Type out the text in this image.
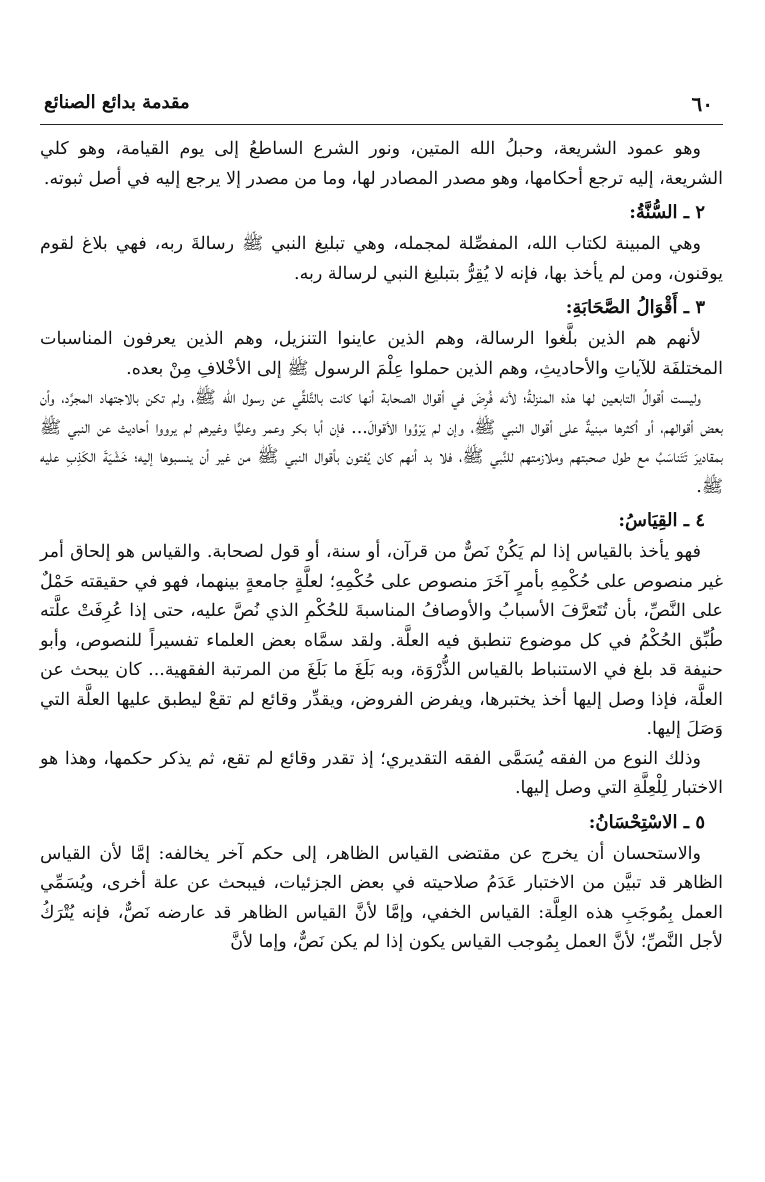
٦٠
مقدمة بدائع الصنائع

وهو عمود الشريعة، وحبلُ الله المتين، ونور الشرع الساطعُ إلى يوم القيامة، وهو كلي الشريعة، إليه ترجع أحكامها، وهو مصدر المصادر لها، وما من مصدر إلا يرجع إليه في أصل ثبوته.

٢ ـ السُّنَّةُ:

وهي المبينة لكتاب الله، المفصِّلة لمجمله، وهي تبليغ النبي ﷺ رسالةَ ربه، فهي بلاغ لقوم يوقنون، ومن لم يأخذ بها، فإنه لا يُقِرُّ بتبليغ النبي لرسالة ربه.

٣ ـ أَقْوَالُ الصَّحَابَةِ:

لأنهم هم الذين بلَّغوا الرسالة، وهم الذين عاينوا التنزيل، وهم الذين يعرفون المناسبات المختلفَة للآياتِ والأحاديثِ، وهم الذين حملوا عِلْمَ الرسول ﷺ إلى الأخْلافِ مِنْ بعده.

وليست أقوالُ التابعين لها هذه المنزلةُ؛ لأنه فُرِضَ في أقوال الصحابة أنها كانت بالتَّلقِّي عن رسول الله ﷺ، ولم تكن بالاجتهاد المجرَّد، وأن بعض أقوالهم، أو أكثرها مبنيةٌ على أقوال النبي ﷺ، وإن لم يَرْوُوا الأقوالَ... فإن أبا بكر وعمر وعليًّا وغيرهم لم يرووا أحاديث عن النبي ﷺ بمقاديرَ تَتَناسَبُ مع طول صحبتهم وملازمتهم للنَّبي ﷺ، فلا بد أنهم كان يُفتون بأقوال النبي ﷺ من غير أن ينسبوها إليه؛ خَشْيَةَ الكَذِبِ عليه ﷺ.

٤ ـ القِيَاسُ:

فهو يأخذ بالقياس إذا لم يَكُنْ نَصٌّ من قرآن، أو سنة، أو قول لصحابة. والقياس هو إلحاق أمر غير منصوص على حُكْمِهِ بأمرٍ آخَرَ منصوص على حُكْمِهِ؛ لعلَّةٍ جامعةٍ بينهما، فهو في حقيقته حَمْلٌ على النَّصِّ، بأن تُتَعرَّفَ الأسبابُ والأوصافُ المناسبةَ للحُكْمِ الذي نُصَّ عليه، حتى إذا عُرِفَتْ علَّته طُبِّق الحُكْمُ في كل موضوع تنطبق فيه العلَّة. ولقد سمَّاه بعض العلماء تفسيراً للنصوص، وأبو حنيفة قد بلغ في الاستنباط بالقياس الذُّرْوَة، وبه بَلَغَ ما بَلَغَ من المرتبة الفقهية... كان يبحث عن العلَّة، فإذا وصل إليها أخذ يختبرها، ويفرض الفروض، ويقدِّر وقائع لم تقعْ ليطبق عليها العلَّة التي وَصَلَ إليها.

وذلك النوع من الفقه يُسَمَّى الفقه التقديري؛ إذ تقدر وقائع لم تقع، ثم يذكر حكمها، وهذا هو الاختبار لِلْعِلَّةِ التي وصل إليها.

٥ ـ الاسْتِحْسَانُ:

والاستحسان أن يخرج عن مقتضى القياس الظاهر، إلى حكم آخر يخالفه: إمَّا لأن القياس الظاهر قد تبيَّن من الاختبار عَدَمُ صلاحيته في بعض الجزئيات، فيبحث عن علة أخرى، ويُسَمِّي العمل بِمُوجَبِ هذه العِلَّة: القياس الخفي، وإمَّا لأنَّ القياس الظاهر قد عارضه نَصٌّ، فإنه يُتْرَكُ لأجل النَّصِّ؛ لأنَّ العمل بِمُوجب القياس يكون إذا لم يكن نَصٌّ، وإما لأنَّ
